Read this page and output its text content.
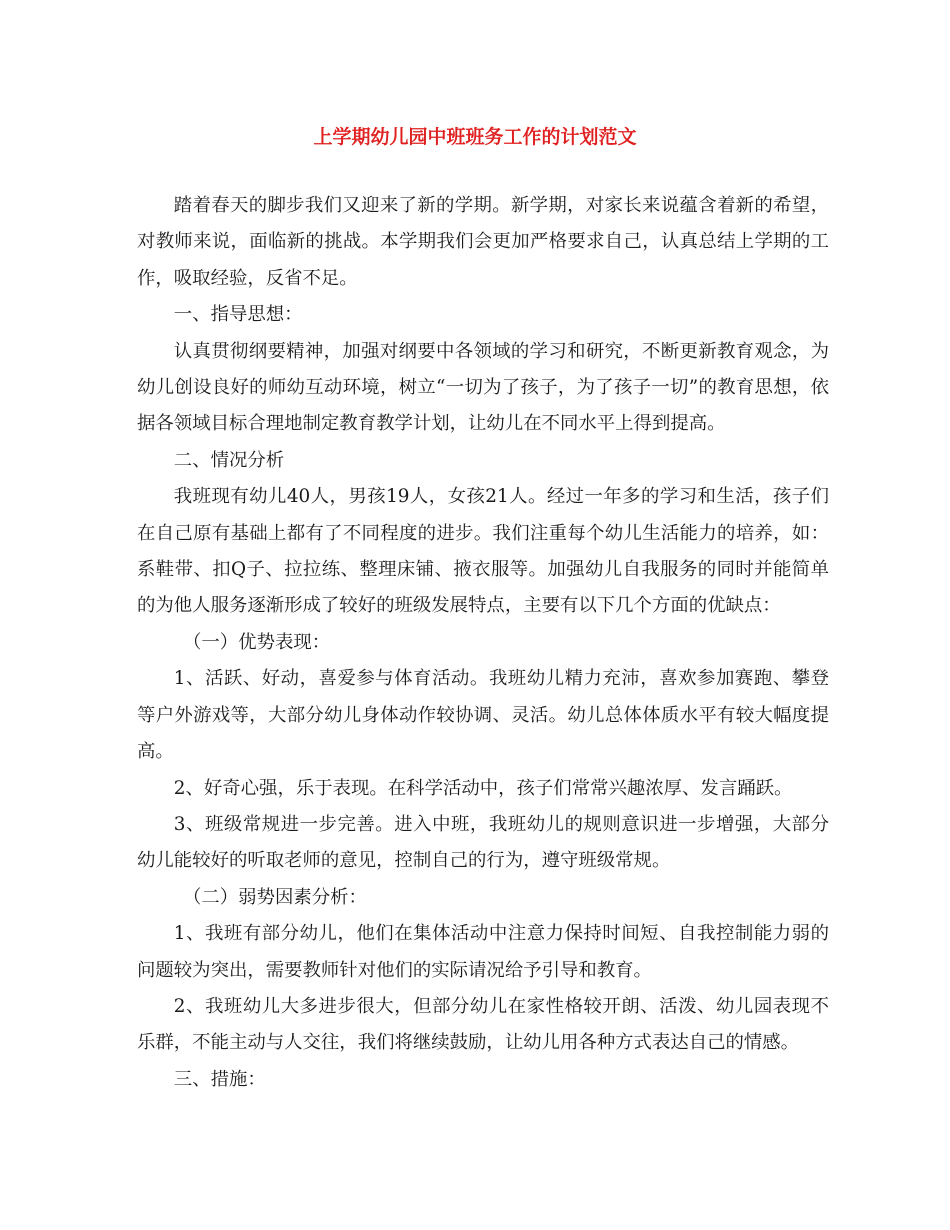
上学期幼儿园中班班务工作的计划范文

踏着春天的脚步我们又迎来了新的学期。新学期，对家长来说蕴含着新的希望，对教师来说，面临新的挑战。本学期我们会更加严格要求自己，认真总结上学期的工作，吸取经验，反省不足。

一、指导思想：

认真贯彻纲要精神，加强对纲要中各领域的学习和研究，不断更新教育观念，为幼儿创设良好的师幼互动环境，树立“一切为了孩子，为了孩子一切”的教育思想，依据各领域目标合理地制定教育教学计划，让幼儿在不同水平上得到提高。

二、情况分析

我班现有幼儿40人，男孩19人，女孩21人。经过一年多的学习和生活，孩子们在自己原有基础上都有了不同程度的进步。我们注重每个幼儿生活能力的培养，如：系鞋带、扣Q子、拉拉练、整理床铺、掖衣服等。加强幼儿自我服务的同时并能简单的为他人服务逐渐形成了较好的班级发展特点，主要有以下几个方面的优缺点：

（一）优势表现：

1、活跃、好动，喜爱参与体育活动。我班幼儿精力充沛，喜欢参加赛跑、攀登等户外游戏等，大部分幼儿身体动作较协调、灵活。幼儿总体体质水平有较大幅度提高。

2、好奇心强，乐于表现。在科学活动中，孩子们常常兴趣浓厚、发言踊跃。

3、班级常规进一步完善。进入中班，我班幼儿的规则意识进一步增强，大部分幼儿能较好的听取老师的意见，控制自己的行为，遵守班级常规。

（二）弱势因素分析：

1、我班有部分幼儿，他们在集体活动中注意力保持时间短、自我控制能力弱的问题较为突出，需要教师针对他们的实际请况给予引导和教育。

2、我班幼儿大多进步很大，但部分幼儿在家性格较开朗、活泼、幼儿园表现不乐群，不能主动与人交往，我们将继续鼓励，让幼儿用各种方式表达自己的情感。

三、措施：
